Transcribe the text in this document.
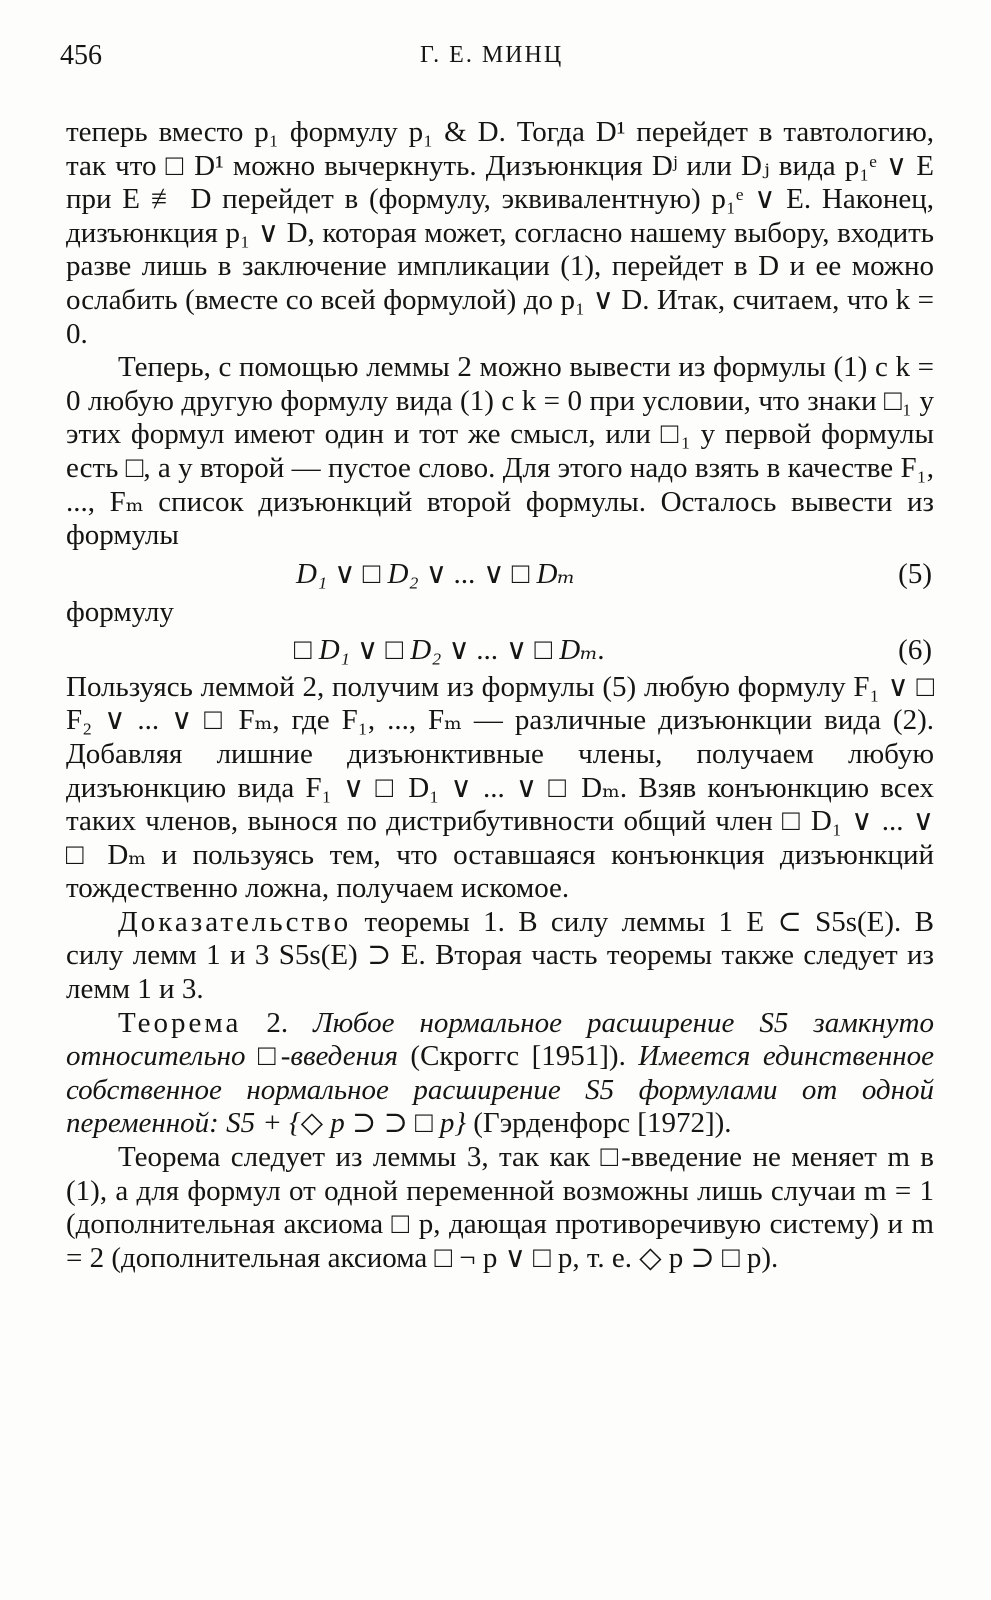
456	Г. Е. МИНЦ

теперь вместо p₁ формулу p₁ & D. Тогда D¹ перейдет в тавтологию, так что □ D¹ можно вычеркнуть. Дизъюнкция Dʲ или Dⱼ вида p₁ᵉ ∨ E при E ≢ D перейдет в (формулу, эквивалентную) p₁ᵉ ∨ E. Наконец, дизъюнкция p₁ ∨ D, которая может, согласно нашему выбору, входить разве лишь в заключение импликации (1), перейдет в D и ее можно ослабить (вместе со всей формулой) до p₁ ∨ D. Итак, считаем, что k = 0.

Теперь, с помощью леммы 2 можно вывести из формулы (1) с k = 0 любую другую формулу вида (1) с k = 0 при условии, что знаки □₁ у этих формул имеют один и тот же смысл, или □₁ у первой формулы есть □, а у второй — пустое слово. Для этого надо взять в качестве F₁, ..., Fₘ список дизъюнкций второй формулы. Осталось вывести из формулы

D₁ ∨ □ D₂ ∨ ... ∨ □ Dₘ	(5)

формулу

□ D₁ ∨ □ D₂ ∨ ... ∨ □ Dₘ.	(6)

Пользуясь леммой 2, получим из формулы (5) любую формулу F₁ ∨ □ F₂ ∨ ... ∨ □ Fₘ, где F₁, ..., Fₘ — различные дизъюнкции вида (2). Добавляя лишние дизъюнктивные члены, получаем любую дизъюнкцию вида F₁ ∨ □ D₁ ∨ ... ∨ □ Dₘ. Взяв конъюнкцию всех таких членов, вынося по дистрибутивности общий член □ D₁ ∨ ... ∨ □ Dₘ и пользуясь тем, что оставшаяся конъюнкция дизъюнкций тождественно ложна, получаем искомое.

Доказательство теоремы 1. В силу леммы 1 E ⊂ S5s(E). В силу лемм 1 и 3 S5s(E) ⊃ E. Вторая часть теоремы также следует из лемм 1 и 3.

Теорема 2. Любое нормальное расширение S5 замкнуто относительно □-введения (Скроггс [1951]). Имеется единственное собственное нормальное расширение S5 формулами от одной переменной: S5 + {◇ p ⊃ ⊃ □ p} (Гэрденфорс [1972]).

Теорема следует из леммы 3, так как □-введение не меняет m в (1), а для формул от одной переменной возможны лишь случаи m = 1 (дополнительная аксиома □ p, дающая противоречивую систему) и m = 2 (дополнительная аксиома □ ¬ p ∨ □ p, т. е. ◇ p ⊃ □ p).
